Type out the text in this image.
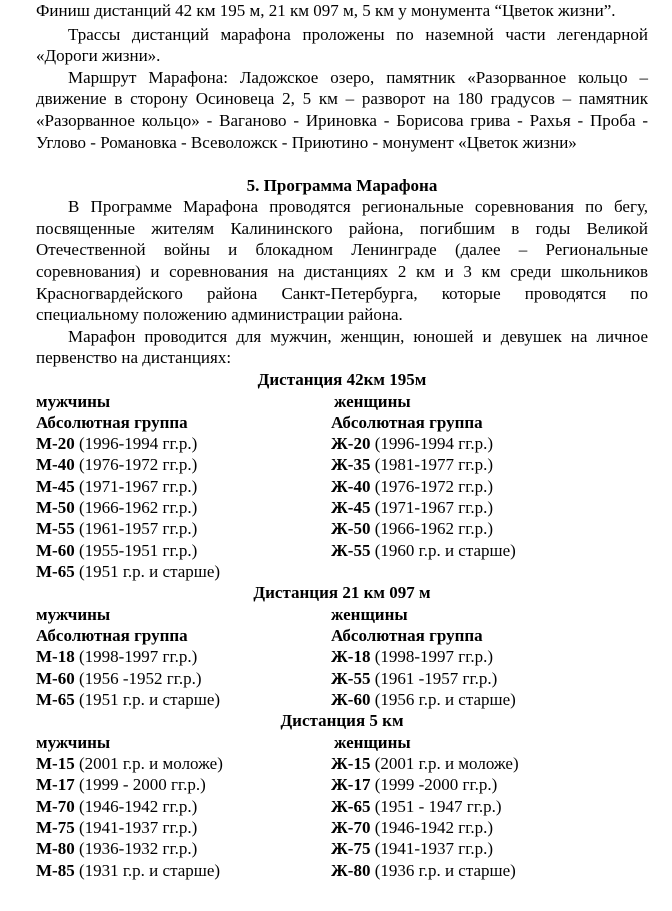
Финиш дистанций 42 км 195 м, 21 км 097 м, 5 км у монумента “Цветок жизни”.

Трассы дистанций марафона проложены по наземной части легендарной «Дороги жизни».

Маршрут Марафона: Ладожское озеро, памятник «Разорванное кольцо – движение в сторону Осиновеца 2, 5 км – разворот на 180 градусов – памятник «Разорванное кольцо» - Ваганово - Ириновка - Борисова грива - Рахья - Проба - Углово - Романовка - Всеволожск - Приютино - монумент «Цветок жизни»

5. Программа Марафона

В Программе Марафона проводятся региональные соревнования по бегу, посвященные жителям Калининского района, погибшим в годы Великой Отечественной войны и блокадном Ленинграде (далее – Региональные соревнования) и соревнования на дистанциях 2 км и 3 км среди школьников Красногвардейского района Санкт-Петербурга, которые проводятся по специальному положению администрации района.

Марафон проводится для мужчин, женщин, юношей и девушек на личное первенство на дистанциях:

Дистанция 42км 195м
мужчины
Абсолютная группа
М-20 (1996-1994 гг.р.)
М-40 (1976-1972 гг.р.)
М-45 (1971-1967 гг.р.)
М-50 (1966-1962 гг.р.)
М-55 (1961-1957 гг.р.)
М-60 (1955-1951 гг.р.)
М-65 (1951 г.р. и старше)
женщины
Абсолютная группа
Ж-20 (1996-1994 гг.р.)
Ж-35 (1981-1977 гг.р.)
Ж-40 (1976-1972 гг.р.)
Ж-45 (1971-1967 гг.р.)
Ж-50 (1966-1962 гг.р.)
Ж-55 (1960 г.р. и старше)
Дистанция 21 км 097 м
мужчины
Абсолютная группа
М-18 (1998-1997 гг.р.)
М-60 (1956 -1952 гг.р.)
М-65 (1951 г.р. и старше)
женщины
Абсолютная группа
Ж-18 (1998-1997 гг.р.)
Ж-55 (1961 -1957 гг.р.)
Ж-60 (1956 г.р. и старше)
Дистанция 5 км
мужчины
М-15 (2001 г.р. и моложе)
М-17 (1999 - 2000 гг.р.)
М-70 (1946-1942 гг.р.)
М-75 (1941-1937 гг.р.)
М-80 (1936-1932 гг.р.)
М-85 (1931 г.р. и старше)
женщины
Ж-15 (2001 г.р. и моложе)
Ж-17 (1999 -2000 гг.р.)
Ж-65 (1951 - 1947 гг.р.)
Ж-70 (1946-1942 гг.р.)
Ж-75 (1941-1937 гг.р.)
Ж-80 (1936 г.р. и старше)
